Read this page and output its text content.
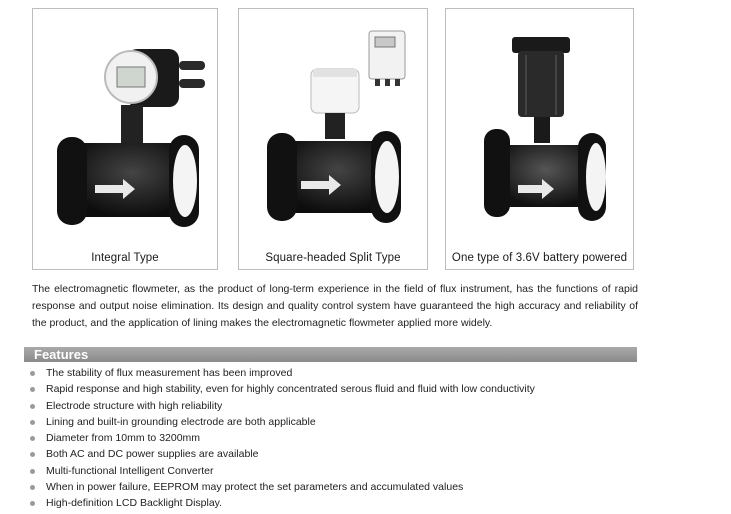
Integral Type	Square-headed Split Type	One type of 3.6V battery powered
The electromagnetic flowmeter, as the product of long-term experience in the field of flux instrument, has the functions of rapid response and output noise elimination. Its design and quality control system have guaranteed the high accuracy and reliability of the product, and the application of lining makes the electromagnetic flowmeter applied more widely.
Features
The stability of flux measurement has been improved
Rapid response and high stability, even for highly concentrated serous fluid and fluid with low conductivity
Electrode structure with high reliability
Lining and built-in grounding electrode are both applicable
Diameter from 10mm to 3200mm
Both AC and DC power supplies are available
Multi-functional Intelligent Converter
When in power failure, EEPROM may protect the set parameters and accumulated values
High-definition LCD Backlight Display.
